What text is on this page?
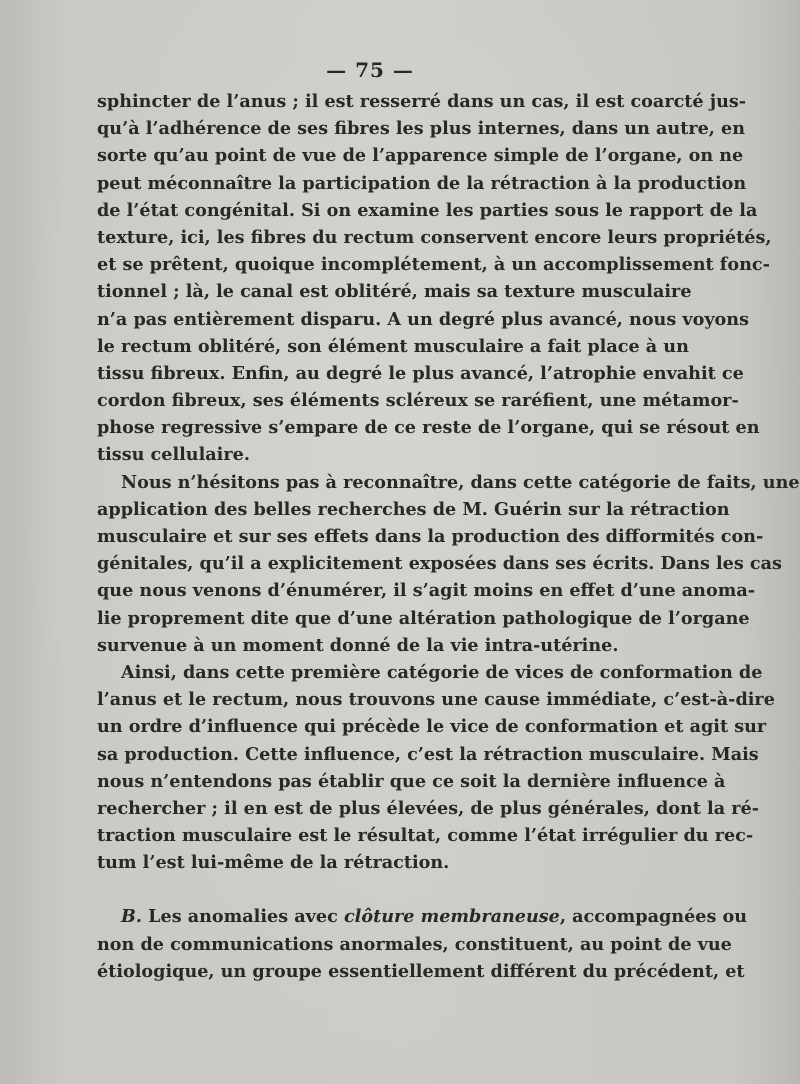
— 75 —
sphincter de l’anus ; il est resserré dans un cas, il est coarcté jus-
qu’à l’adhérence de ses fibres les plus internes, dans un autre, en
sorte qu’au point de vue de l’apparence simple de l’organe, on ne
peut méconnaître la participation de la rétraction à la production
de l’état congénital. Si on examine les parties sous le rapport de la
texture, ici, les fibres du rectum conservent encore leurs propriétés,
et se prêtent, quoique incomplétement, à un accomplissement fonc-
tionnel ; là, le canal est oblitéré, mais sa texture musculaire
n’a pas entièrement disparu. A un degré plus avancé, nous voyons
le rectum oblitéré, son élément musculaire a fait place à un
tissu fibreux. Enfin, au degré le plus avancé, l’atrophie envahit ce
cordon fibreux, ses éléments scléreux se raréfient, une métamor-
phose regressive s’empare de ce reste de l’organe, qui se résout en
tissu cellulaire.
Nous n’hésitons pas à reconnaître, dans cette catégorie de faits, une
application des belles recherches de M. Guérin sur la rétraction
musculaire et sur ses effets dans la production des difformités con-
génitales, qu’il a explicitement exposées dans ses écrits. Dans les cas
que nous venons d’énumérer, il s’agit moins en effet d’une anoma-
lie proprement dite que d’une altération pathologique de l’organe
survenue à un moment donné de la vie intra-utérine.
Ainsi, dans cette première catégorie de vices de conformation de
l’anus et le rectum, nous trouvons une cause immédiate, c’est-à-dire
un ordre d’influence qui précède le vice de conformation et agit sur
sa production. Cette influence, c’est la rétraction musculaire. Mais
nous n’entendons pas établir que ce soit la dernière influence à
rechercher ; il en est de plus élevées, de plus générales, dont la ré-
traction musculaire est le résultat, comme l’état irrégulier du rec-
tum l’est lui-même de la rétraction.
B. Les anomalies avec clôture membraneuse, accompagnées ou
non de communications anormales, constituent, au point de vue
étiologique, un groupe essentiellement différent du précédent, et
